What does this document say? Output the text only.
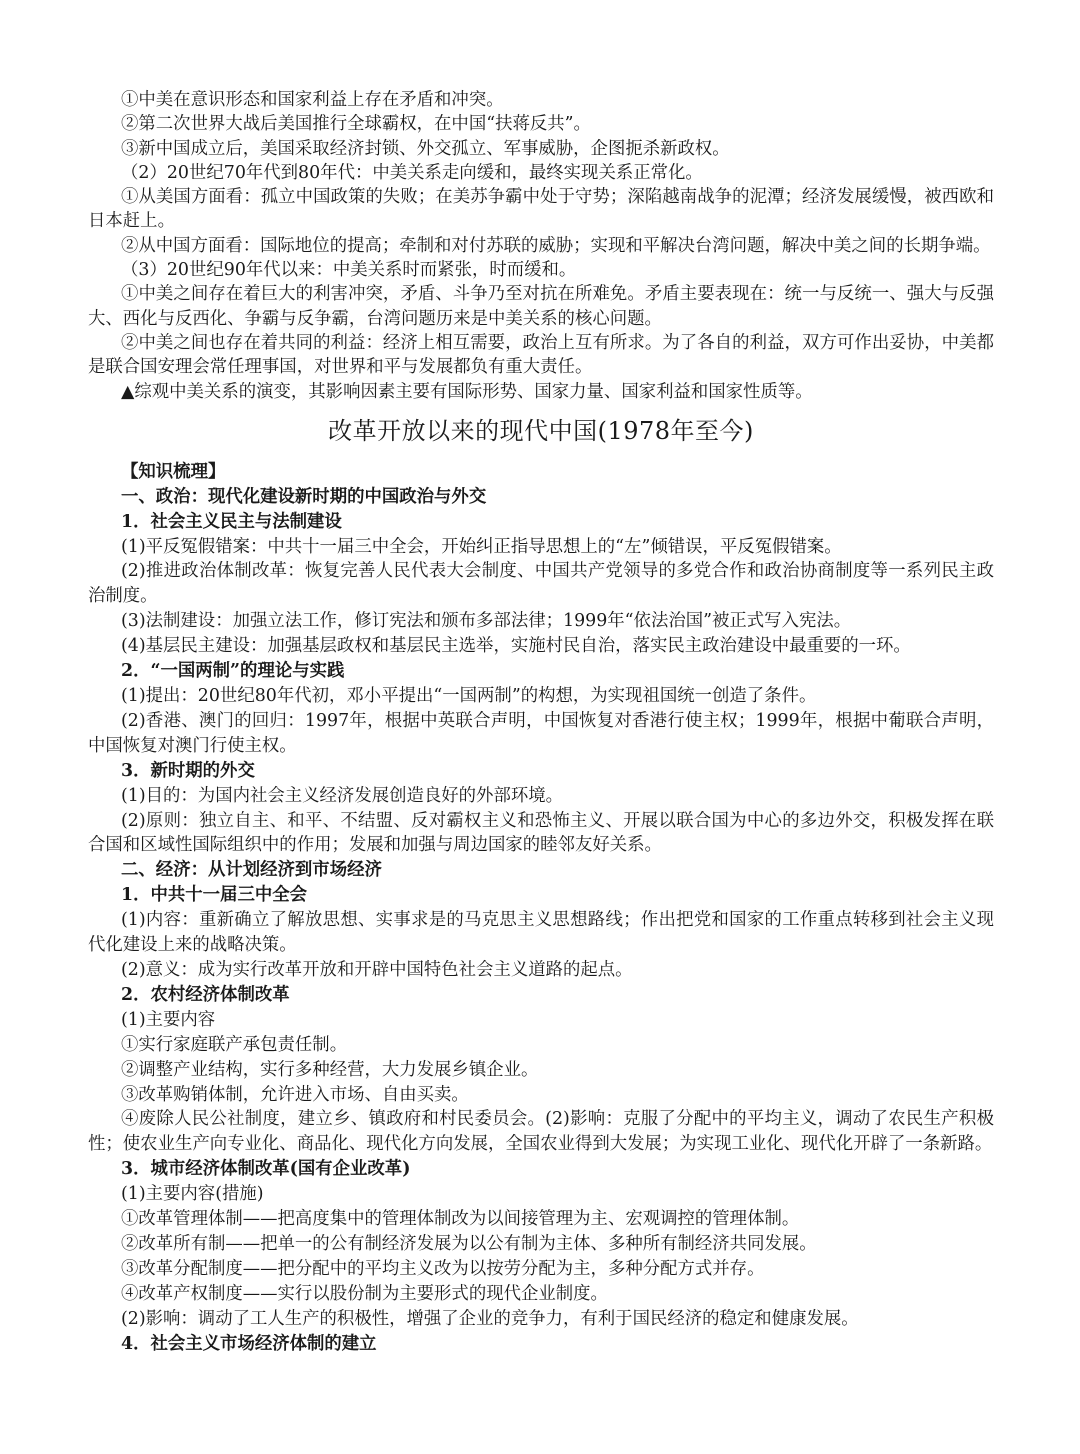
①中美在意识形态和国家利益上存在矛盾和冲突。

②第二次世界大战后美国推行全球霸权，在中国“扶蒋反共”。

③新中国成立后，美国采取经济封锁、外交孤立、军事威胁，企图扼杀新政权。

（2）20世纪70年代到80年代：中美关系走向缓和，最终实现关系正常化。

①从美国方面看：孤立中国政策的失败；在美苏争霸中处于守势；深陷越南战争的泥潭；经济发展缓慢，被西欧和日本赶上。

②从中国方面看：国际地位的提高；牵制和对付苏联的威胁；实现和平解决台湾问题，解决中美之间的长期争端。

（3）20世纪90年代以来：中美关系时而紧张，时而缓和。

①中美之间存在着巨大的利害冲突，矛盾、斗争乃至对抗在所难免。矛盾主要表现在：统一与反统一、强大与反强大、西化与反西化、争霸与反争霸，台湾问题历来是中美关系的核心问题。

②中美之间也存在着共同的利益：经济上相互需要，政治上互有所求。为了各自的利益，双方可作出妥协，中美都是联合国安理会常任理事国，对世界和平与发展都负有重大责任。

▲综观中美关系的演变，其影响因素主要有国际形势、国家力量、国家利益和国家性质等。

改革开放以来的现代中国(1978年至今)

【知识梳理】

一、政治：现代化建设新时期的中国政治与外交

1．社会主义民主与法制建设

(1)平反冤假错案：中共十一届三中全会，开始纠正指导思想上的“左”倾错误，平反冤假错案。

(2)推进政治体制改革：恢复完善人民代表大会制度、中国共产党领导的多党合作和政治协商制度等一系列民主政治制度。

(3)法制建设：加强立法工作，修订宪法和颁布多部法律；1999年“依法治国”被正式写入宪法。

(4)基层民主建设：加强基层政权和基层民主选举，实施村民自治，落实民主政治建设中最重要的一环。

2．“一国两制”的理论与实践

(1)提出：20世纪80年代初，邓小平提出“一国两制”的构想，为实现祖国统一创造了条件。

(2)香港、澳门的回归：1997年，根据中英联合声明，中国恢复对香港行使主权；1999年，根据中葡联合声明，中国恢复对澳门行使主权。

3．新时期的外交

(1)目的：为国内社会主义经济发展创造良好的外部环境。

(2)原则：独立自主、和平、不结盟、反对霸权主义和恐怖主义、开展以联合国为中心的多边外交，积极发挥在联合国和区域性国际组织中的作用；发展和加强与周边国家的睦邻友好关系。

二、经济：从计划经济到市场经济

1．中共十一届三中全会

(1)内容：重新确立了解放思想、实事求是的马克思主义思想路线；作出把党和国家的工作重点转移到社会主义现代化建设上来的战略决策。

(2)意义：成为实行改革开放和开辟中国特色社会主义道路的起点。

2．农村经济体制改革

(1)主要内容

①实行家庭联产承包责任制。

②调整产业结构，实行多种经营，大力发展乡镇企业。

③改革购销体制，允许进入市场、自由买卖。

④废除人民公社制度，建立乡、镇政府和村民委员会。(2)影响：克服了分配中的平均主义，调动了农民生产积极性；使农业生产向专业化、商品化、现代化方向发展，全国农业得到大发展；为实现工业化、现代化开辟了一条新路。

3．城市经济体制改革(国有企业改革)

(1)主要内容(措施)

①改革管理体制——把高度集中的管理体制改为以间接管理为主、宏观调控的管理体制。

②改革所有制——把单一的公有制经济发展为以公有制为主体、多种所有制经济共同发展。

③改革分配制度——把分配中的平均主义改为以按劳分配为主，多种分配方式并存。

④改革产权制度——实行以股份制为主要形式的现代企业制度。

(2)影响：调动了工人生产的积极性，增强了企业的竞争力，有利于国民经济的稳定和健康发展。

4．社会主义市场经济体制的建立
